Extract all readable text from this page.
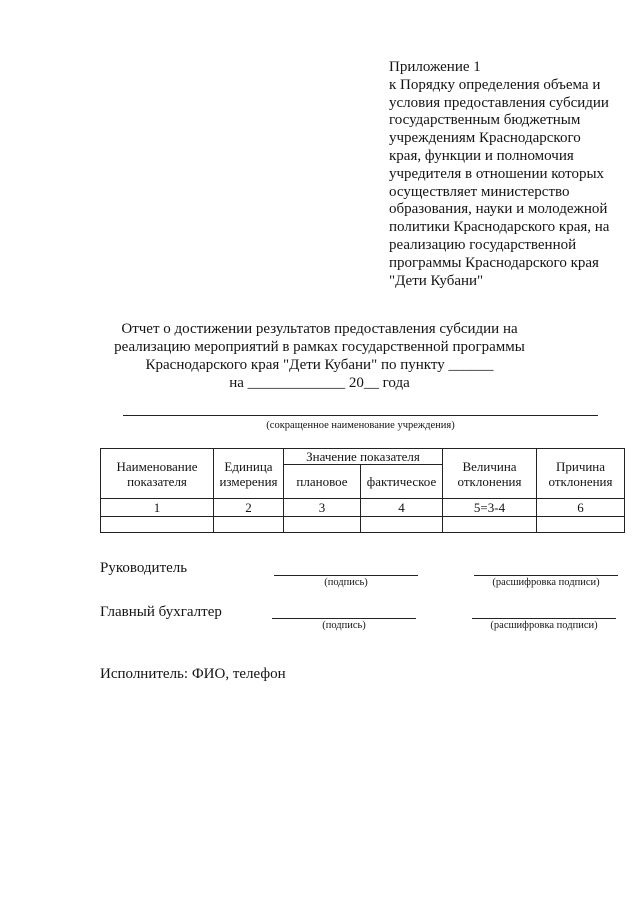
Приложение 1
к Порядку определения объема и
условия предоставления субсидии
государственным бюджетным
учреждениям Краснодарского
края, функции и полномочия
учредителя в отношении которых
осуществляет министерство
образования, науки и молодежной
политики Краснодарского края, на
реализацию государственной
программы Краснодарского края
"Дети Кубани"
Отчет о достижении результатов предоставления субсидии на
реализацию мероприятий в рамках государственной программы
Краснодарского края "Дети Кубани" по пункту ______
на _____________ 20__ года
(сокращенное наименование учреждения)
Наименование показателя	Единица измерения	Значение показателя		Величина отклонения	Причина отклонения
		плановое	фактическое		
1	2	3	4	5=3-4	6

Руководитель
(подпись)	(расшифровка подписи)
Главный бухгалтер
(подпись)	(расшифровка подписи)
Исполнитель: ФИО, телефон
